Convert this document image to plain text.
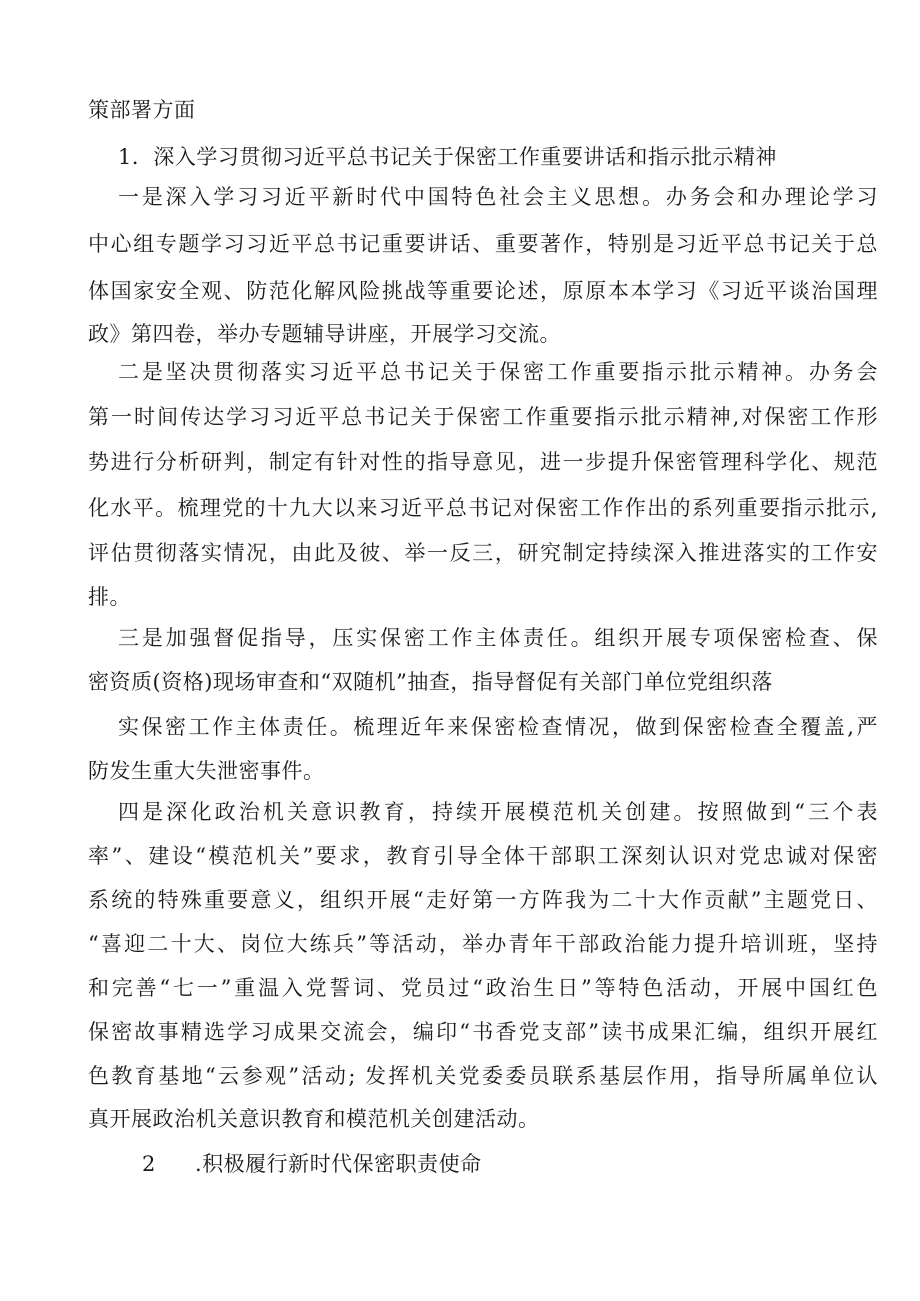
策部署方面
1．深入学习贯彻习近平总书记关于保密工作重要讲话和指示批示精神
一是深入学习习近平新时代中国特色社会主义思想。办务会和办理论学习
中心组专题学习习近平总书记重要讲话、重要著作，特别是习近平总书记关于总
体国家安全观、防范化解风险挑战等重要论述，原原本本学习《习近平谈治国理
政》第四卷，举办专题辅导讲座，开展学习交流。
二是坚决贯彻落实习近平总书记关于保密工作重要指示批示精神。办务会
第一时间传达学习习近平总书记关于保密工作重要指示批示精神,对保密工作形
势进行分析研判，制定有针对性的指导意见，进一步提升保密管理科学化、规范
化水平。梳理党的十九大以来习近平总书记对保密工作作出的系列重要指示批示,
评估贯彻落实情况，由此及彼、举一反三，研究制定持续深入推进落实的工作安
排。
三是加强督促指导，压实保密工作主体责任。组织开展专项保密检查、保
密资质(资格)现场审查和“双随机”抽查，指导督促有关部门单位党组织落
实保密工作主体责任。梳理近年来保密检查情况，做到保密检查全覆盖,严
防发生重大失泄密事件。
四是深化政治机关意识教育，持续开展模范机关创建。按照做到“三个表
率”、建设“模范机关”要求，教育引导全体干部职工深刻认识对党忠诚对保密
系统的特殊重要意义，组织开展“走好第一方阵我为二十大作贡献”主题党日、
“喜迎二十大、岗位大练兵”等活动，举办青年干部政治能力提升培训班，坚持
和完善“七一”重温入党誓词、党员过“政治生日”等特色活动，开展中国红色
保密故事精选学习成果交流会，编印“书香党支部”读书成果汇编，组织开展红
色教育基地“云参观”活动; 发挥机关党委委员联系基层作用，指导所属单位认
真开展政治机关意识教育和模范机关创建活动。
2	.积极履行新时代保密职责使命
